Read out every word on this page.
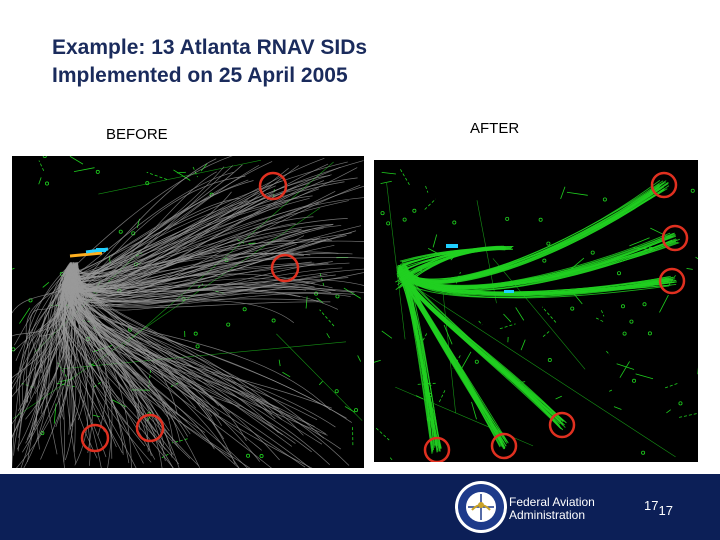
Example: 13 Atlanta RNAV SIDs
Implemented on 25 April 2005
BEFORE	AFTER
Federal Aviation
Administration
1717
